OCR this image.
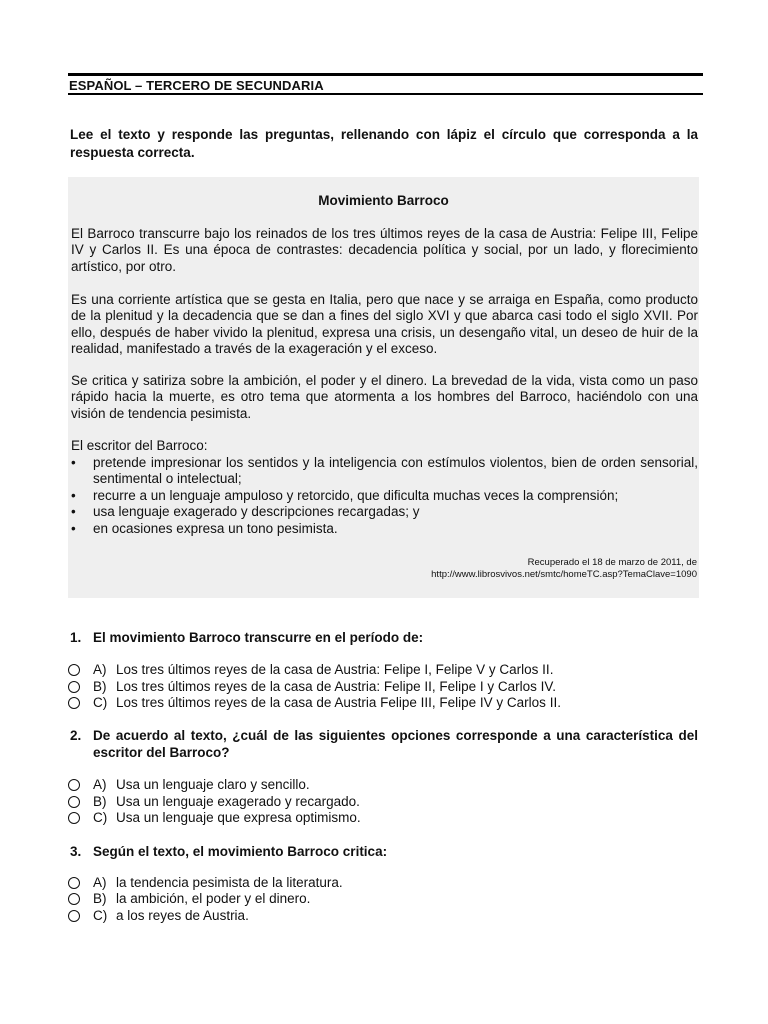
ESPAÑOL – TERCERO DE SECUNDARIA

Lee el texto y responde las preguntas, rellenando con lápiz el círculo que corresponda a la respuesta correcta.

Movimiento Barroco

El Barroco transcurre bajo los reinados de los tres últimos reyes de la casa de Austria: Felipe III, Felipe IV y Carlos II. Es una época de contrastes: decadencia política y social, por un lado, y florecimiento artístico, por otro.

Es una corriente artística que se gesta en Italia, pero que nace y se arraiga en España, como producto de la plenitud y la decadencia que se dan a fines del siglo XVI y que abarca casi todo el siglo XVII. Por ello, después de haber vivido la plenitud, expresa una crisis, un desengaño vital, un deseo de huir de la realidad, manifestado a través de la exageración y el exceso.

Se critica y satiriza sobre la ambición, el poder y el dinero. La brevedad de la vida, vista como un paso rápido hacia la muerte, es otro tema que atormenta a los hombres del Barroco, haciéndolo con una visión de tendencia pesimista.

El escritor del Barroco:

• pretende impresionar los sentidos y la inteligencia con estímulos violentos, bien de orden sensorial, sentimental o intelectual;
• recurre a un lenguaje ampuloso y retorcido, que dificulta muchas veces la comprensión;
• usa lenguaje exagerado y descripciones recargadas; y
• en ocasiones expresa un tono pesimista.
Recuperado el 18 de marzo de 2011, de
http://www.librosvivos.net/smtc/homeTC.asp?TemaClave=1090
1. El movimiento Barroco transcurre en el período de:
A) Los tres últimos reyes de la casa de Austria: Felipe I, Felipe V y Carlos II.
B) Los tres últimos reyes de la casa de Austria: Felipe II, Felipe I y Carlos IV.
C) Los tres últimos reyes de la casa de Austria Felipe III, Felipe IV y Carlos II.
2. De acuerdo al texto, ¿cuál de las siguientes opciones corresponde a una característica del escritor del Barroco?
A) Usa un lenguaje claro y sencillo.
B) Usa un lenguaje exagerado y recargado.
C) Usa un lenguaje que expresa optimismo.
3. Según el texto, el movimiento Barroco critica:
A) la tendencia pesimista de la literatura.
B) la ambición, el poder y el dinero.
C) a los reyes de Austria.
